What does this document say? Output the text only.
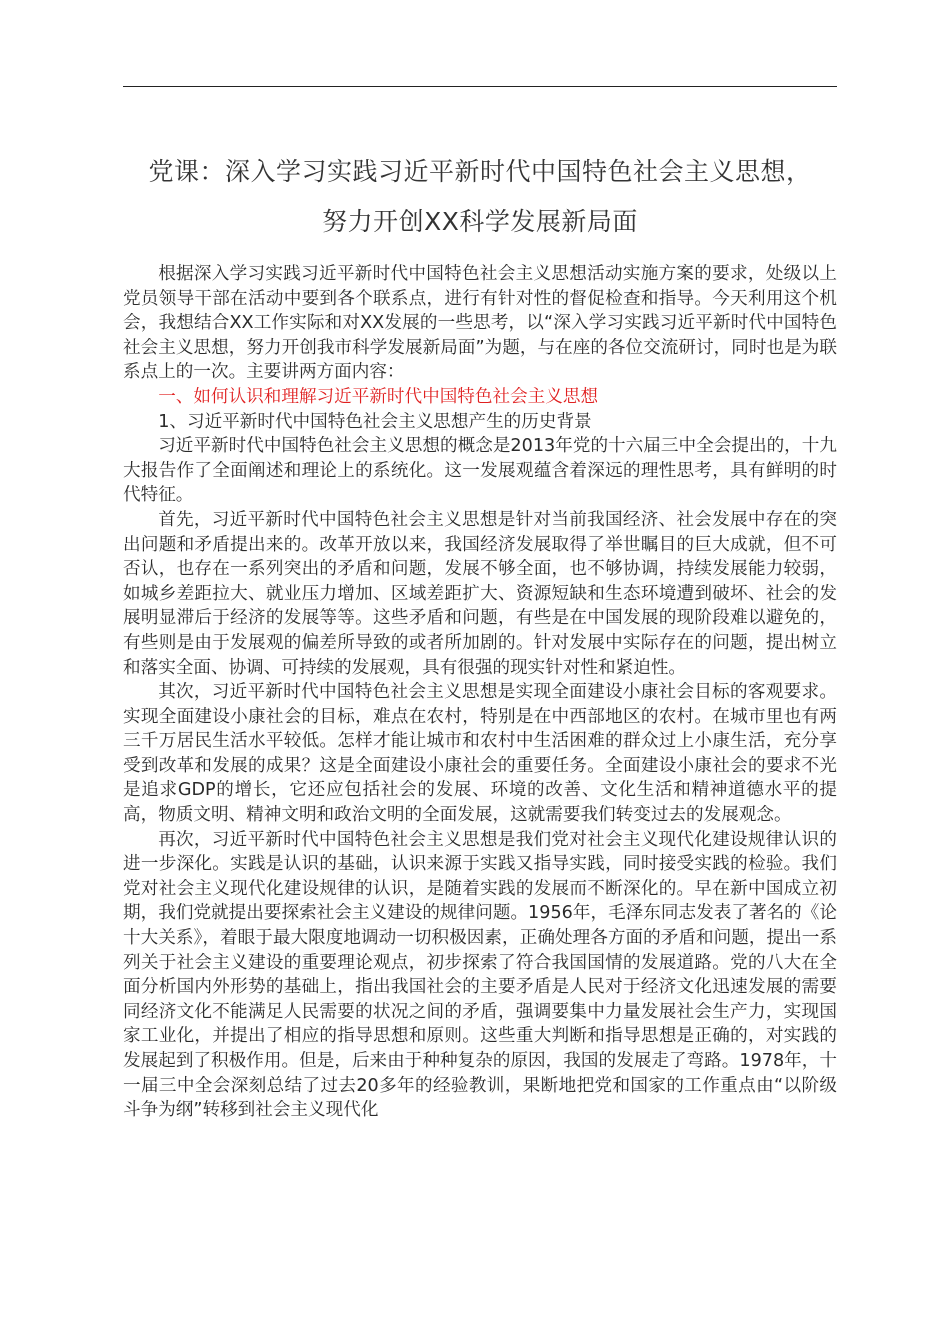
党课：深入学习实践习近平新时代中国特色社会主义思想，
努力开创XX科学发展新局面

根据深入学习实践习近平新时代中国特色社会主义思想活动实施方案的要求，处级以上党员领导干部在活动中要到各个联系点，进行有针对性的督促检查和指导。今天利用这个机会，我想结合XX工作实际和对XX发展的一些思考，以“深入学习实践习近平新时代中国特色社会主义思想，努力开创我市科学发展新局面”为题，与在座的各位交流研讨，同时也是为联系点上的一次。主要讲两方面内容：

一、如何认识和理解习近平新时代中国特色社会主义思想

1、习近平新时代中国特色社会主义思想产生的历史背景

习近平新时代中国特色社会主义思想的概念是2013年党的十六届三中全会提出的，十九大报告作了全面阐述和理论上的系统化。这一发展观蕴含着深远的理性思考，具有鲜明的时代特征。

首先，习近平新时代中国特色社会主义思想是针对当前我国经济、社会发展中存在的突出问题和矛盾提出来的。改革开放以来，我国经济发展取得了举世瞩目的巨大成就，但不可否认，也存在一系列突出的矛盾和问题，发展不够全面，也不够协调，持续发展能力较弱，如城乡差距拉大、就业压力增加、区域差距扩大、资源短缺和生态环境遭到破坏、社会的发展明显滞后于经济的发展等等。这些矛盾和问题，有些是在中国发展的现阶段难以避免的，有些则是由于发展观的偏差所导致的或者所加剧的。针对发展中实际存在的问题，提出树立和落实全面、协调、可持续的发展观，具有很强的现实针对性和紧迫性。

其次，习近平新时代中国特色社会主义思想是实现全面建设小康社会目标的客观要求。实现全面建设小康社会的目标，难点在农村，特别是在中西部地区的农村。在城市里也有两三千万居民生活水平较低。怎样才能让城市和农村中生活困难的群众过上小康生活，充分享受到改革和发展的成果？这是全面建设小康社会的重要任务。全面建设小康社会的要求不光是追求GDP的增长，它还应包括社会的发展、环境的改善、文化生活和精神道德水平的提高，物质文明、精神文明和政治文明的全面发展，这就需要我们转变过去的发展观念。

再次，习近平新时代中国特色社会主义思想是我们党对社会主义现代化建设规律认识的进一步深化。实践是认识的基础，认识来源于实践又指导实践，同时接受实践的检验。我们党对社会主义现代化建设规律的认识，是随着实践的发展而不断深化的。早在新中国成立初期，我们党就提出要探索社会主义建设的规律问题。1956年，毛泽东同志发表了著名的《论十大关系》，着眼于最大限度地调动一切积极因素，正确处理各方面的矛盾和问题，提出一系列关于社会主义建设的重要理论观点，初步探索了符合我国国情的发展道路。党的八大在全面分析国内外形势的基础上，指出我国社会的主要矛盾是人民对于经济文化迅速发展的需要同经济文化不能满足人民需要的状况之间的矛盾，强调要集中力量发展社会生产力，实现国家工业化，并提出了相应的指导思想和原则。这些重大判断和指导思想是正确的，对实践的发展起到了积极作用。但是，后来由于种种复杂的原因，我国的发展走了弯路。1978年，十一届三中全会深刻总结了过去20多年的经验教训，果断地把党和国家的工作重点由“以阶级斗争为纲”转移到社会主义现代化
